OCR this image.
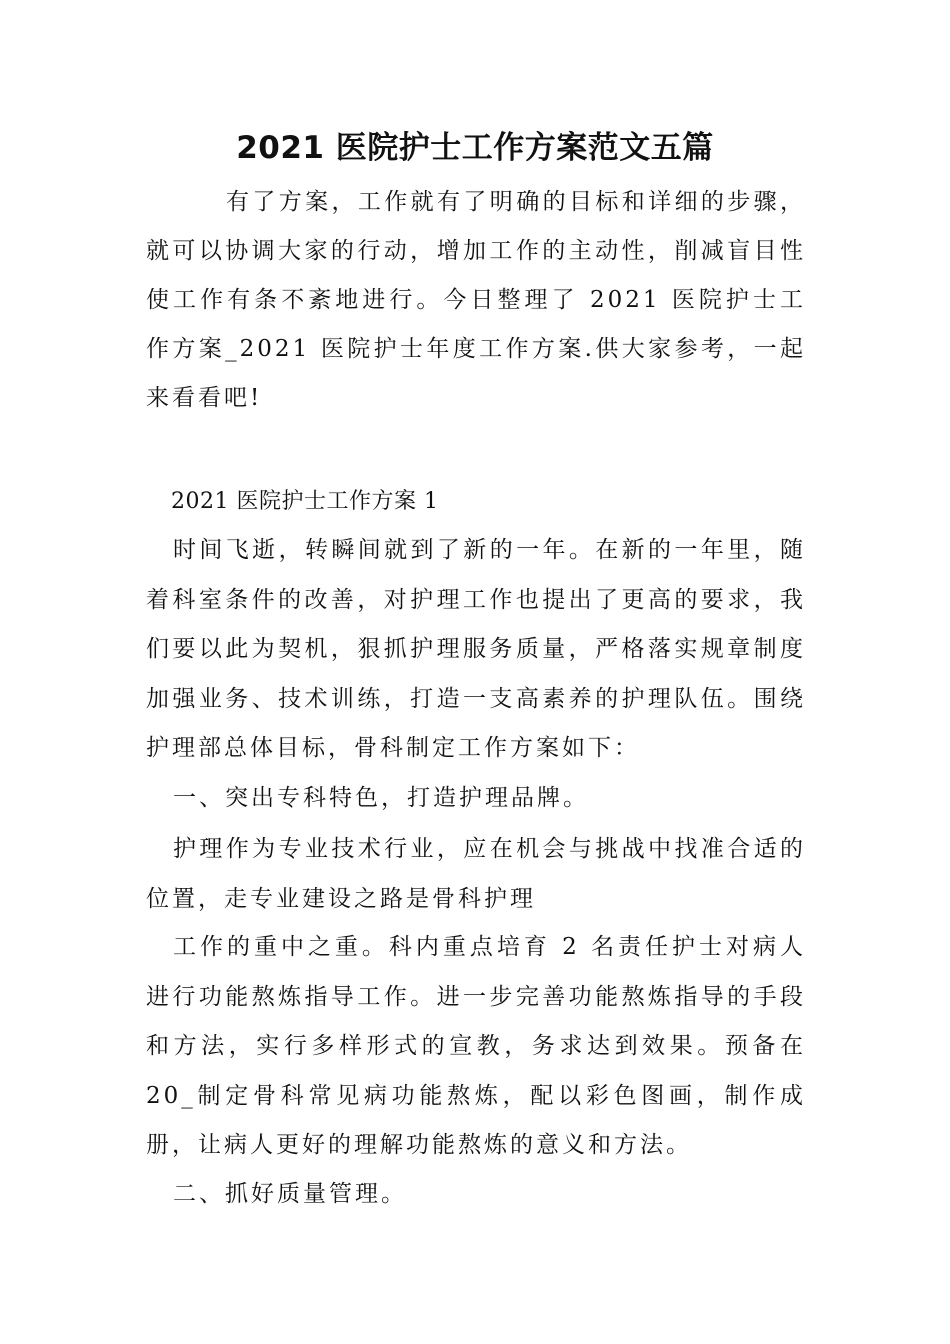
2021 医院护士工作方案范文五篇

有了方案，工作就有了明确的目标和详细的步骤，就可以协调大家的行动，增加工作的主动性，削减盲目性使工作有条不紊地进行。今日整理了 2021 医院护士工作方案_2021 医院护士年度工作方案.供大家参考，一起来看看吧!

2021 医院护士工作方案 1

时间飞逝，转瞬间就到了新的一年。在新的一年里，随着科室条件的改善，对护理工作也提出了更高的要求，我们要以此为契机，狠抓护理服务质量，严格落实规章制度加强业务、技术训练，打造一支高素养的护理队伍。围绕护理部总体目标，骨科制定工作方案如下：

一、突出专科特色，打造护理品牌。

护理作为专业技术行业，应在机会与挑战中找准合适的位置，走专业建设之路是骨科护理

工作的重中之重。科内重点培育 2 名责任护士对病人进行功能熬炼指导工作。进一步完善功能熬炼指导的手段和方法，实行多样形式的宣教，务求达到效果。预备在 20_制定骨科常见病功能熬炼，配以彩色图画，制作成册，让病人更好的理解功能熬炼的意义和方法。

二、抓好质量管理。
